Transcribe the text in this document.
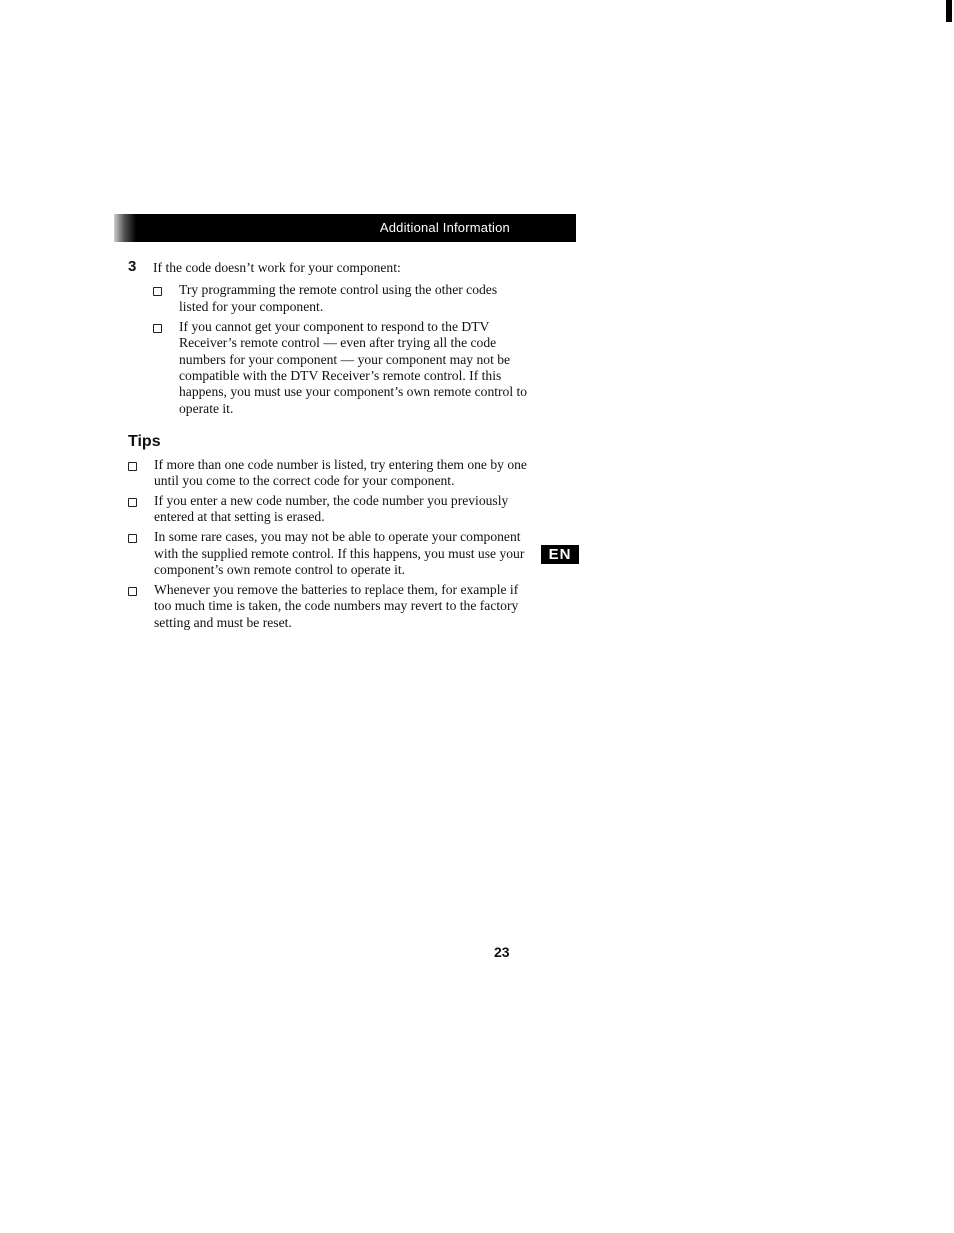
Additional Information
3	If the code doesn’t work for your component:
Try programming the remote control using the other codes listed for your component.
If you cannot get your component to respond to the DTV Receiver’s remote control — even after trying all the code numbers for your component — your component may not be compatible with the DTV Receiver’s remote control. If this happens, you must use your component’s own remote control to operate it.
Tips
If more than one code number is listed, try entering them one by one until you come to the correct code for your component.
If you enter a new code number, the code number you previously entered at that setting is erased.
In some rare cases, you may not be able to operate your component with the supplied remote control. If this happens, you must use your component’s own remote control to operate it.
Whenever you remove the batteries to replace them, for example if too much time is taken, the code numbers may revert to the factory setting and must be reset.
EN
23
